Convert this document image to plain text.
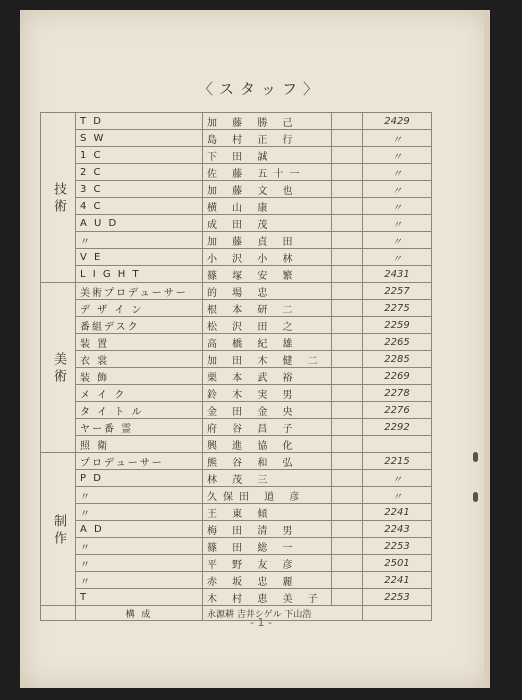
〈スタッフ〉
技 術	T D	加 藤 勝 己		2429
	S W	島 村 正 行		〃
	1 C	下 田 誠		〃
	2 C	佐 藤 五十一		〃
	3 C	加 藤 文 也		〃
	4 C	横 山 康		〃
	A U D	成 田 茂		〃
	〃	加 藤 貞 田		〃
	V E	小 沢 小 林		〃
	L I G H T	篠 塚 安 繁		2431
美 術	美術プロデューサー	的 場 忠		2257
	デ ザ イ ン	根 本 研 二		2275
	番組デスク	松 沢 田 之		2259
	装 置	高 橋 紀 雄		2265
	衣 裳	加 田 木 健 二		2285
	装 飾	栗 本 武 裕		2269
	メ イ ク	鈴 木 実 男		2278
	タ イ ト ル	金 田 金 央		2276
	ヤー番 霊	府 谷 昌 子		2292
	照 衛	興 進 協 化		
制 作	プロデューサー	熊 谷 和 弘		2215
	P D	林 茂 三		〃
	〃	久保田 道 彦		〃
	〃	王 東 傾		2241
	A D	梅 田 清 男		2243
	〃	篠 田 総 一		2253
	〃	平 野 友 彦		2501
	〃	赤 坂 忠 麗		2241
	T	木 村 恵 美 子		2253
	構 成	永源耕 吉井シゲル 下山浩		
- 1 -
